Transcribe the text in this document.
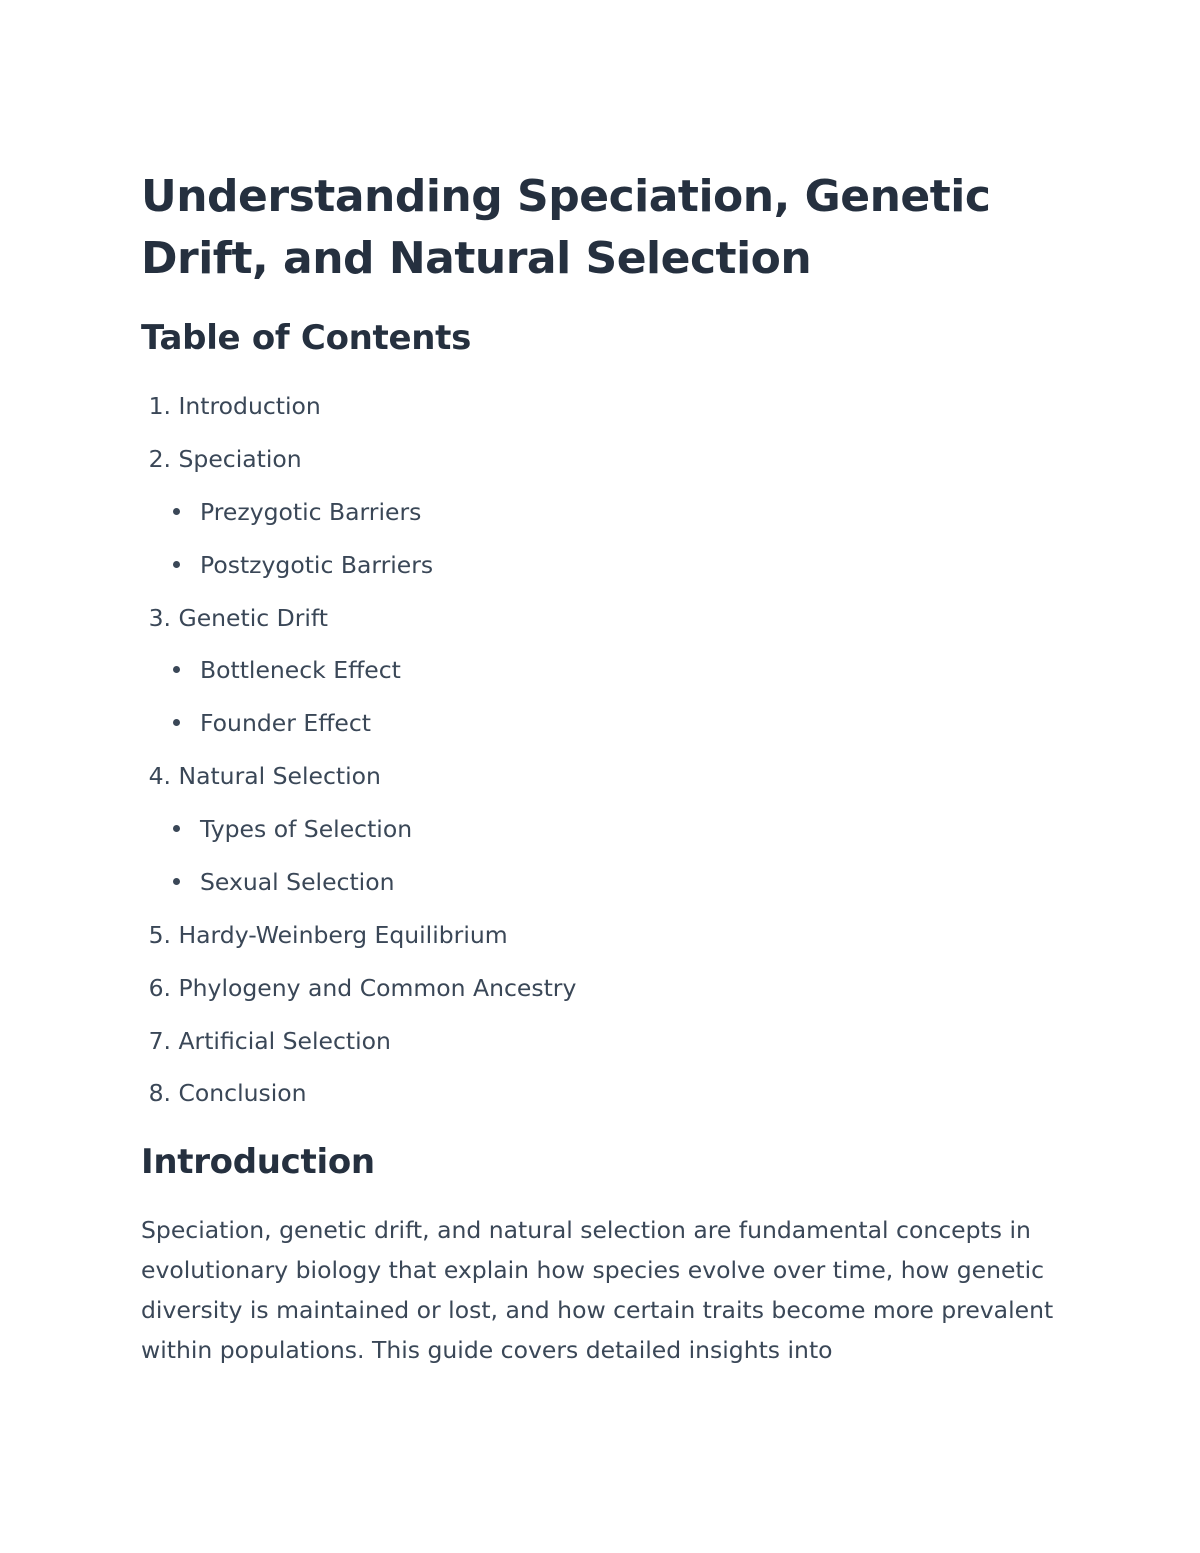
Understanding Speciation, Genetic Drift, and Natural Selection
Table of Contents
1. Introduction
2. Speciation
Prezygotic Barriers
Postzygotic Barriers
3. Genetic Drift
Bottleneck Effect
Founder Effect
4. Natural Selection
Types of Selection
Sexual Selection
5. Hardy-Weinberg Equilibrium
6. Phylogeny and Common Ancestry
7. Artificial Selection
8. Conclusion
Introduction

Speciation, genetic drift, and natural selection are fundamental concepts in evolutionary biology that explain how species evolve over time, how genetic diversity is maintained or lost, and how certain traits become more prevalent within populations. This guide covers detailed insights into
